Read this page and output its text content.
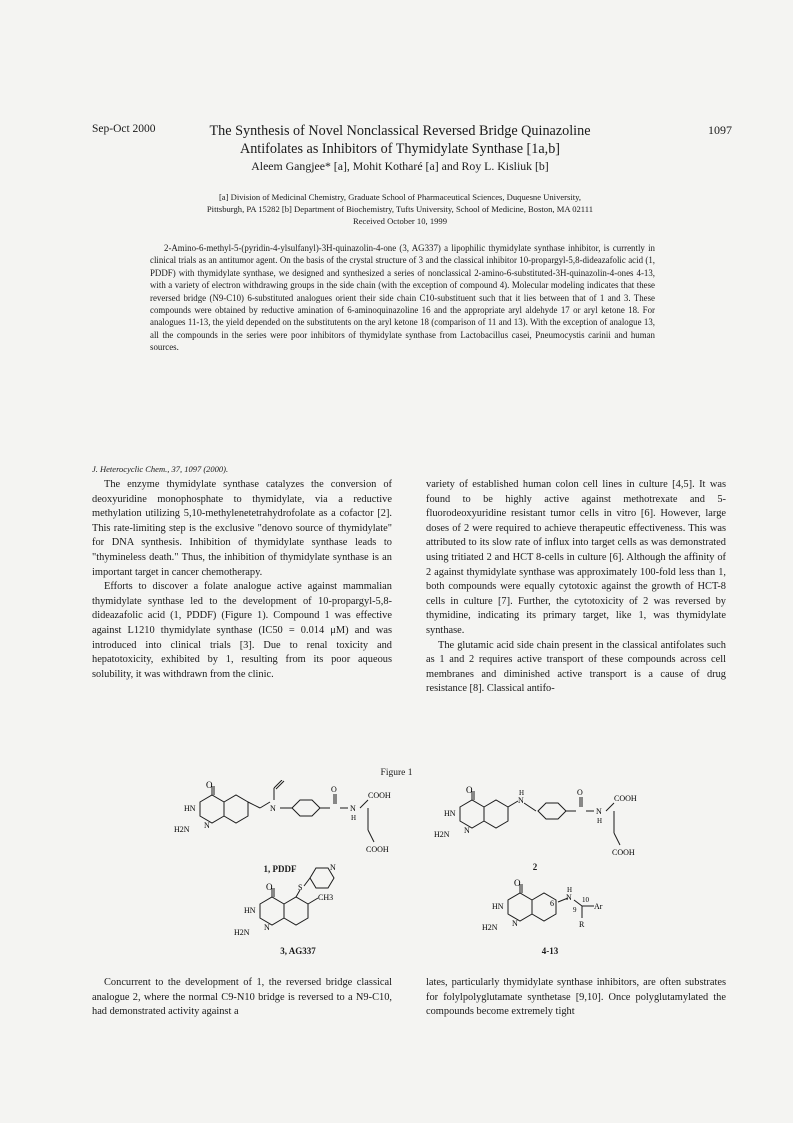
Sep-Oct 2000	1097
The Synthesis of Novel Nonclassical Reversed Bridge Quinazoline
Antifolates as Inhibitors of Thymidylate Synthase [1a,b]
Aleem Gangjee* [a], Mohit Kotharé [a] and Roy L. Kisliuk [b]
[a] Division of Medicinal Chemistry, Graduate School of Pharmaceutical Sciences, Duquesne University,
Pittsburgh, PA 15282 [b] Department of Biochemistry, Tufts University, School of Medicine, Boston, MA 02111
Received October 10, 1999
2-Amino-6-methyl-5-(pyridin-4-ylsulfanyl)-3H-quinazolin-4-one (3, AG337) a lipophilic thymidylate synthase inhibitor, is currently in clinical trials as an antitumor agent. On the basis of the crystal structure of 3 and the classical inhibitor 10-propargyl-5,8-dideazafolic acid (1, PDDF) with thymidylate synthase, we designed and synthesized a series of nonclassical 2-amino-6-substituted-3H-quinazolin-4-ones 4-13, with a variety of electron withdrawing groups in the side chain (with the exception of compound 4). Molecular modeling indicates that these reversed bridge (N9-C10) 6-substituted analogues orient their side chain C10-substituent such that it lies between that of 1 and 3. These compounds were obtained by reductive amination of 6-aminoquinazoline 16 and the appropriate aryl aldehyde 17 or aryl ketone 18. For analogues 11-13, the yield depended on the substitutents on the aryl ketone 18 (comparison of 11 and 13). With the exception of analogue 13, all the compounds in the series were poor inhibitors of thymidylate synthase from Lactobacillus casei, Pneumocystis carinii and human sources.
J. Heterocyclic Chem., 37, 1097 (2000).

The enzyme thymidylate synthase catalyzes the conversion of deoxyuridine monophosphate to thymidylate, via a reductive methylation utilizing 5,10-methylenetetrahydrofolate as a cofactor [2]. This rate-limiting step is the exclusive "denovo source of thymidylate" for DNA synthesis. Inhibition of thymidylate synthase leads to "thymineless death." Thus, the inhibition of thymidylate synthase is an important target in cancer chemotherapy.

Efforts to discover a folate analogue active against mammalian thymidylate synthase led to the development of 10-propargyl-5,8-dideazafolic acid (1, PDDF) (Figure 1). Compound 1 was effective against L1210 thymidylate synthase (IC50 = 0.014 μM) and was introduced into clinical trials [3]. Due to renal toxicity and hepatotoxicity, exhibited by 1, resulting from its poor aqueous solubility, it was withdrawn from the clinic.

variety of established human colon cell lines in culture [4,5]. It was found to be highly active against methotrexate and 5-fluorodeoxyuridine resistant tumor cells in vitro [6]. However, large doses of 2 were required to achieve therapeutic effectiveness. This was attributed to its slow rate of influx into target cells as was demonstrated using tritiated 2 and HCT 8-cells in culture [6]. Although the affinity of 2 against thymidylate synthase was approximately 100-fold less than 1, both compounds were equally cytotoxic against the growth of HCT-8 cells in culture [7]. Further, the cytotoxicity of 2 was reversed by thymidine, indicating its primary target, like 1, was thymidylate synthase.

The glutamic acid side chain present in the classical antifolates such as 1 and 2 requires active transport of these compounds across cell membranes and diminished active transport is a cause of drug resistance [8]. Classical antifo-

Figure 1
O
HN
H2N N
N
O
N
H
COOH
COOH
1, PDDF
O
HN
H2N N
N
H	O
N
H
COOH
COOH
2
O
HN
H2N
N
S
N
CH3
3, AG337
O
HN
H2N N
6
N
H
9
10
Ar
R
4-13

Concurrent to the development of 1, the reversed bridge classical analogue 2, where the normal C9-N10 bridge is reversed to a N9-C10, had demonstrated activity against a

lates, particularly thymidylate synthase inhibitors, are often substrates for folylpolyglutamate synthetase [9,10]. Once polyglutamylated the compounds become extremely tight
